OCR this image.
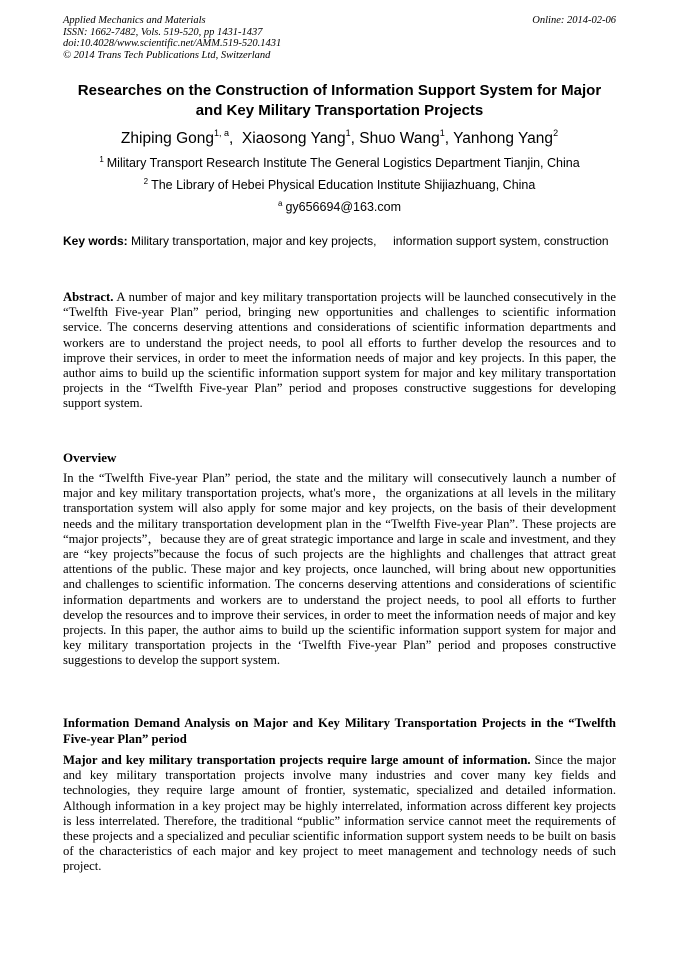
Applied Mechanics and Materials
ISSN: 1662-7482, Vols. 519-520, pp 1431-1437
doi:10.4028/www.scientific.net/AMM.519-520.1431
© 2014 Trans Tech Publications Ltd, Switzerland
Online: 2014-02-06
Researches on the Construction of Information Support System for Major and Key Military Transportation Projects
Zhiping Gong$^{1, a}$,  Xiaosong Yang$^1$, Shuo Wang$^1$, Yanhong Yang$^2$
$^1$ Military Transport Research Institute The General Logistics Department Tianjin, China
$^2$ The Library of Hebei Physical Education Institute Shijiazhuang, China
$^a$ gy656694@163.com
Key words: Military transportation, major and key projects,     information support system, construction
Abstract. A number of major and key military transportation projects will be launched consecutively in the “Twelfth Five-year Plan” period, bringing new opportunities and challenges to scientific information service. The concerns deserving attentions and considerations of scientific information departments and workers are to understand the project needs, to pool all efforts to further develop the resources and to improve their services, in order to meet the information needs of major and key projects. In this paper, the author aims to build up the scientific information support system for major and key military transportation projects in the “Twelfth Five-year Plan” period and proposes constructive suggestions for developing support system.
Overview
In the “Twelfth Five-year Plan” period, the state and the military will consecutively launch a number of major and key military transportation projects, what's more，the organizations at all levels in the military transportation system will also apply for some major and key projects, on the basis of their development needs and the military transportation development plan in the “Twelfth Five-year Plan”. These projects are “major projects”，because they are of great strategic importance and large in scale and investment, and they are “key projects”because the focus of such projects are the highlights and challenges that attract great attentions of the public. These major and key projects, once launched, will bring about new opportunities and challenges to scientific information. The concerns deserving attentions and considerations of scientific information departments and workers are to understand the project needs, to pool all efforts to further develop the resources and to improve their services, in order to meet the information needs of major and key projects. In this paper, the author aims to build up the scientific information support system for major and key military transportation projects in the ‘Twelfth Five-year Plan” period and proposes constructive suggestions to develop the support system.
Information Demand Analysis on Major and Key Military Transportation Projects in the “Twelfth Five-year Plan” period
Major and key military transportation projects require large amount of information. Since the major and key military transportation projects involve many industries and cover many key fields and technologies, they require large amount of frontier, systematic, specialized and detailed information. Although information in a key project may be highly interrelated, information across different key projects is less interrelated. Therefore, the traditional “public” information service cannot meet the requirements of these projects and a specialized and peculiar scientific information support system needs to be built on basis of the characteristics of each major and key project to meet management and technology needs of such project.
